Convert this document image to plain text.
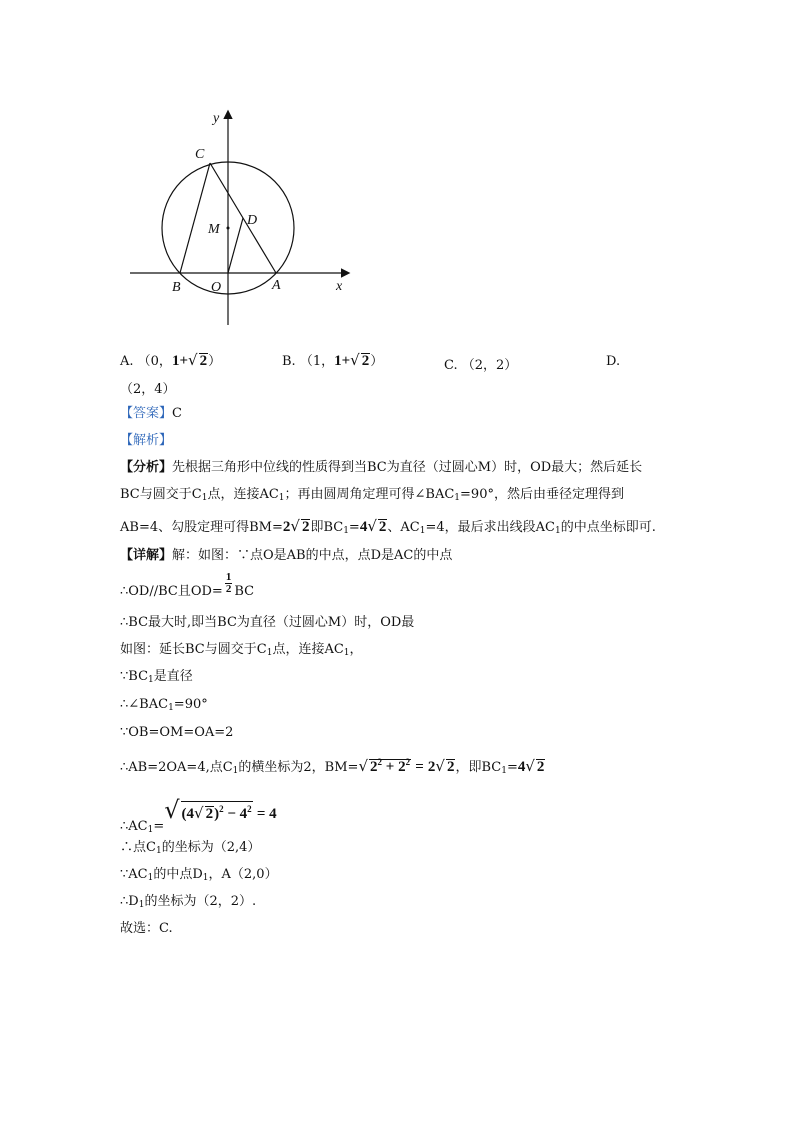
y
x
C
D
M
B O	A
A. （0，1+√ 2）	B. （1，1+√ 2）	C. （2，2）	D.
（2，4）
【答案】C
【解析】
【分析】先根据三角形中位线的性质得到当BC为直径（过圆心M）时，OD最大；然后延长
BC与圆交于$C_1$点，连接$AC_1$；再由圆周角定理可得$\angle BAC_1=90^\circ$，然后由垂径定理得到
AB=4、勾股定理可得BM=2√ 2即$BC_1=4√$ 2、$AC_1=4$，最后求出线段$AC_1$的中点坐标即可.
【详解】解：如图：∵点O是AB的中点，点D是AC的中点
∴OD//BC且$OD= \frac{1}{2}$ BC
∴BC最大时,即当BC为直径（过圆心M）时，OD最
如图：延长BC与圆交于$C_1$点，连接$AC_1$，
$\because BC_1$是直径
$\therefore\angle BAC_1=90^\circ$
∵OB=OM=OA=2
∴AB=2OA=4,点$C_1$的横坐标为2，BM=√ $2^2 + 2^2 = 2√$ 2，即$BC_1=4√$ 2
$\therefore AC_1=√$ (4√ $2)^2 - 4^2 = 4$
∴点$C_1$的坐标为（2,4）
$\because AC_1$的中点$D_1$，A（2,0）
$\therefore D_1$的坐标为（2，2）.
故选：C.
